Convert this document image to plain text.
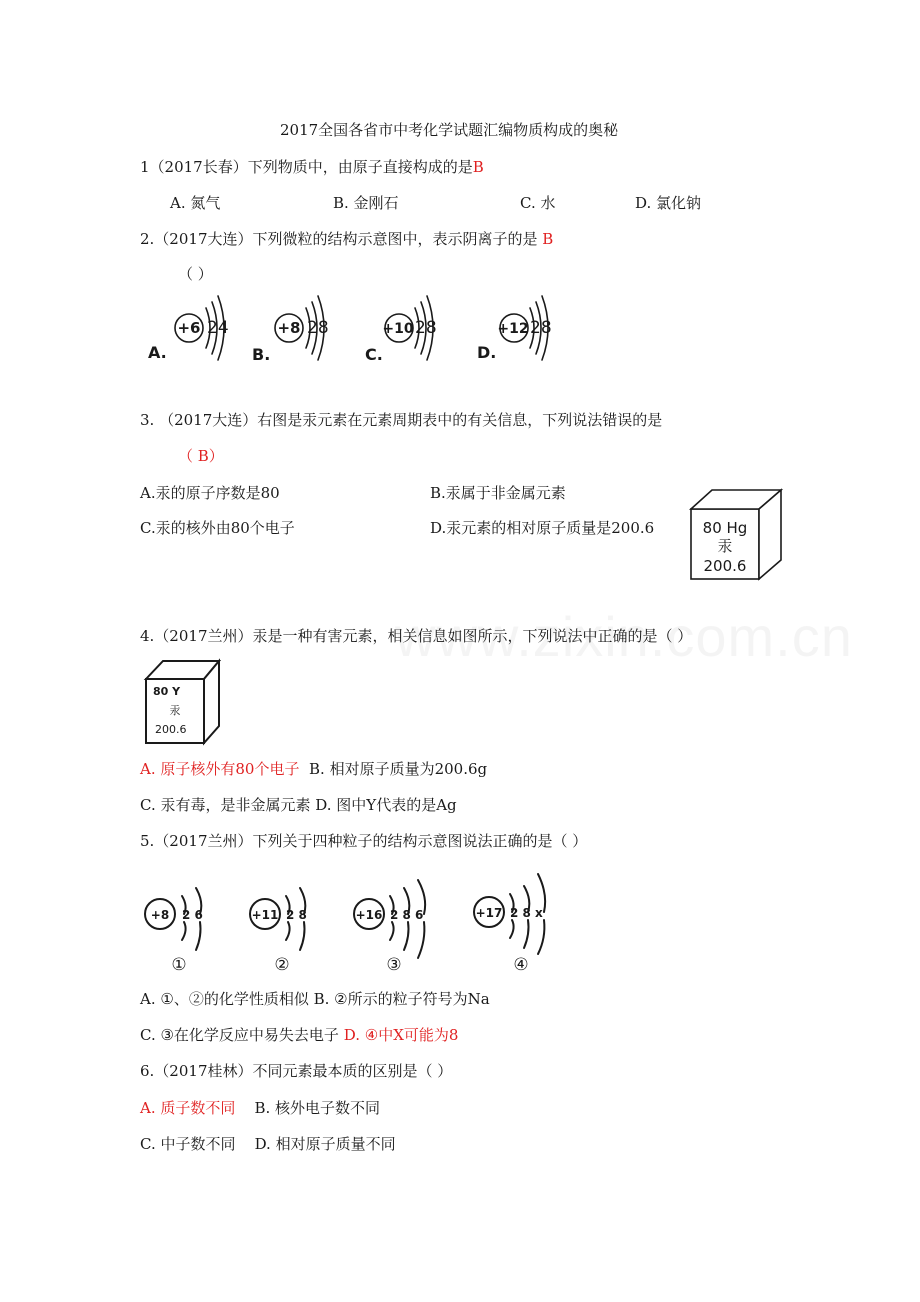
2017全国各省市中考化学试题汇编物质构成的奥秘
1（2017长春）下列物质中，由原子直接构成的是B
A. 氮气	B. 金刚石	C. 水	D. 氯化钠
2.（2017大连）下列微粒的结构示意图中，表示阴离子的是 B
（ ）
+6 24
A.
+8 28
B.
+10 28
C.
+12 28
D.
3. （2017大连）右图是汞元素在元素周期表中的有关信息，下列说法错误的是
（ B）
A.汞的原子序数是80	B.汞属于非金属元素
C.汞的核外由80个电子	D.汞元素的相对原子质量是200.6	80 Hg
汞
200.6
4.（2017兰州）汞是一种有害元素，相关信息如图所示，下列说法中正确的是（ ）
80 Y
汞
200.6
A. 原子核外有80个电子 B. 相对原子质量为200.6g
C. 汞有毒，是非金属元素 D. 图中Y代表的是Ag
5.（2017兰州）下列关于四种粒子的结构示意图说法正确的是（ ）
+8 2 6	+11 2 8	+16 2 8 6	+17 2 8 x
①	②	③	④
A. ①、②的化学性质相似 B. ②所示的粒子符号为Na
C. ③在化学反应中易失去电子 D. ④中X可能为8
6.（2017桂林）不同元素最本质的区别是（ ）
A. 质子数不同 B. 核外电子数不同
C. 中子数不同 D. 相对原子质量不同
